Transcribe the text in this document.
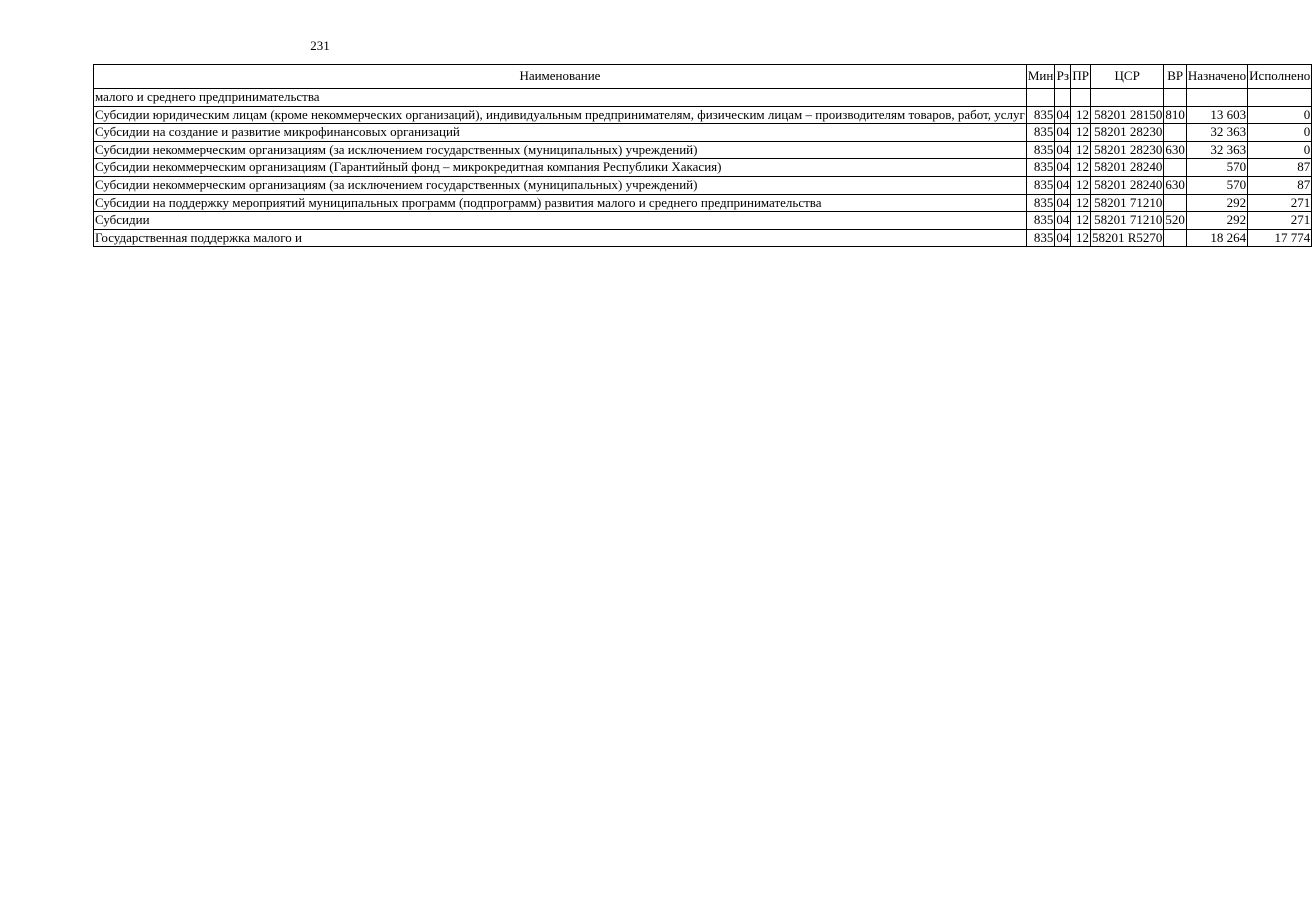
231
Наименование	Мин	Рз	ПР	ЦСР	ВР	Назначено	Исполнено
малого и среднего предпринимательства							
Субсидии юридическим лицам (кроме некоммерческих организаций), индивидуальным предпринимателям, физическим лицам – производителям товаров, работ, услуг	835	04	12	58201 28150	810	13 603	0
Субсидии на создание и развитие микрофинансовых организаций	835	04	12	58201 28230		32 363	0
Субсидии некоммерческим организациям (за исключением государственных (муниципальных) учреждений)	835	04	12	58201 28230	630	32 363	0
Субсидии некоммерческим организациям (Гарантийный фонд – микрокредитная компания Республики Хакасия)	835	04	12	58201 28240		570	87
Субсидии некоммерческим организациям (за исключением государственных (муниципальных) учреждений)	835	04	12	58201 28240	630	570	87
Субсидии на поддержку мероприятий муниципальных программ (подпрограмм) развития малого и среднего предпринимательства	835	04	12	58201 71210		292	271
Субсидии	835	04	12	58201 71210	520	292	271
Государственная поддержка малого и	835	04	12	58201 R5270		18 264	17 774
